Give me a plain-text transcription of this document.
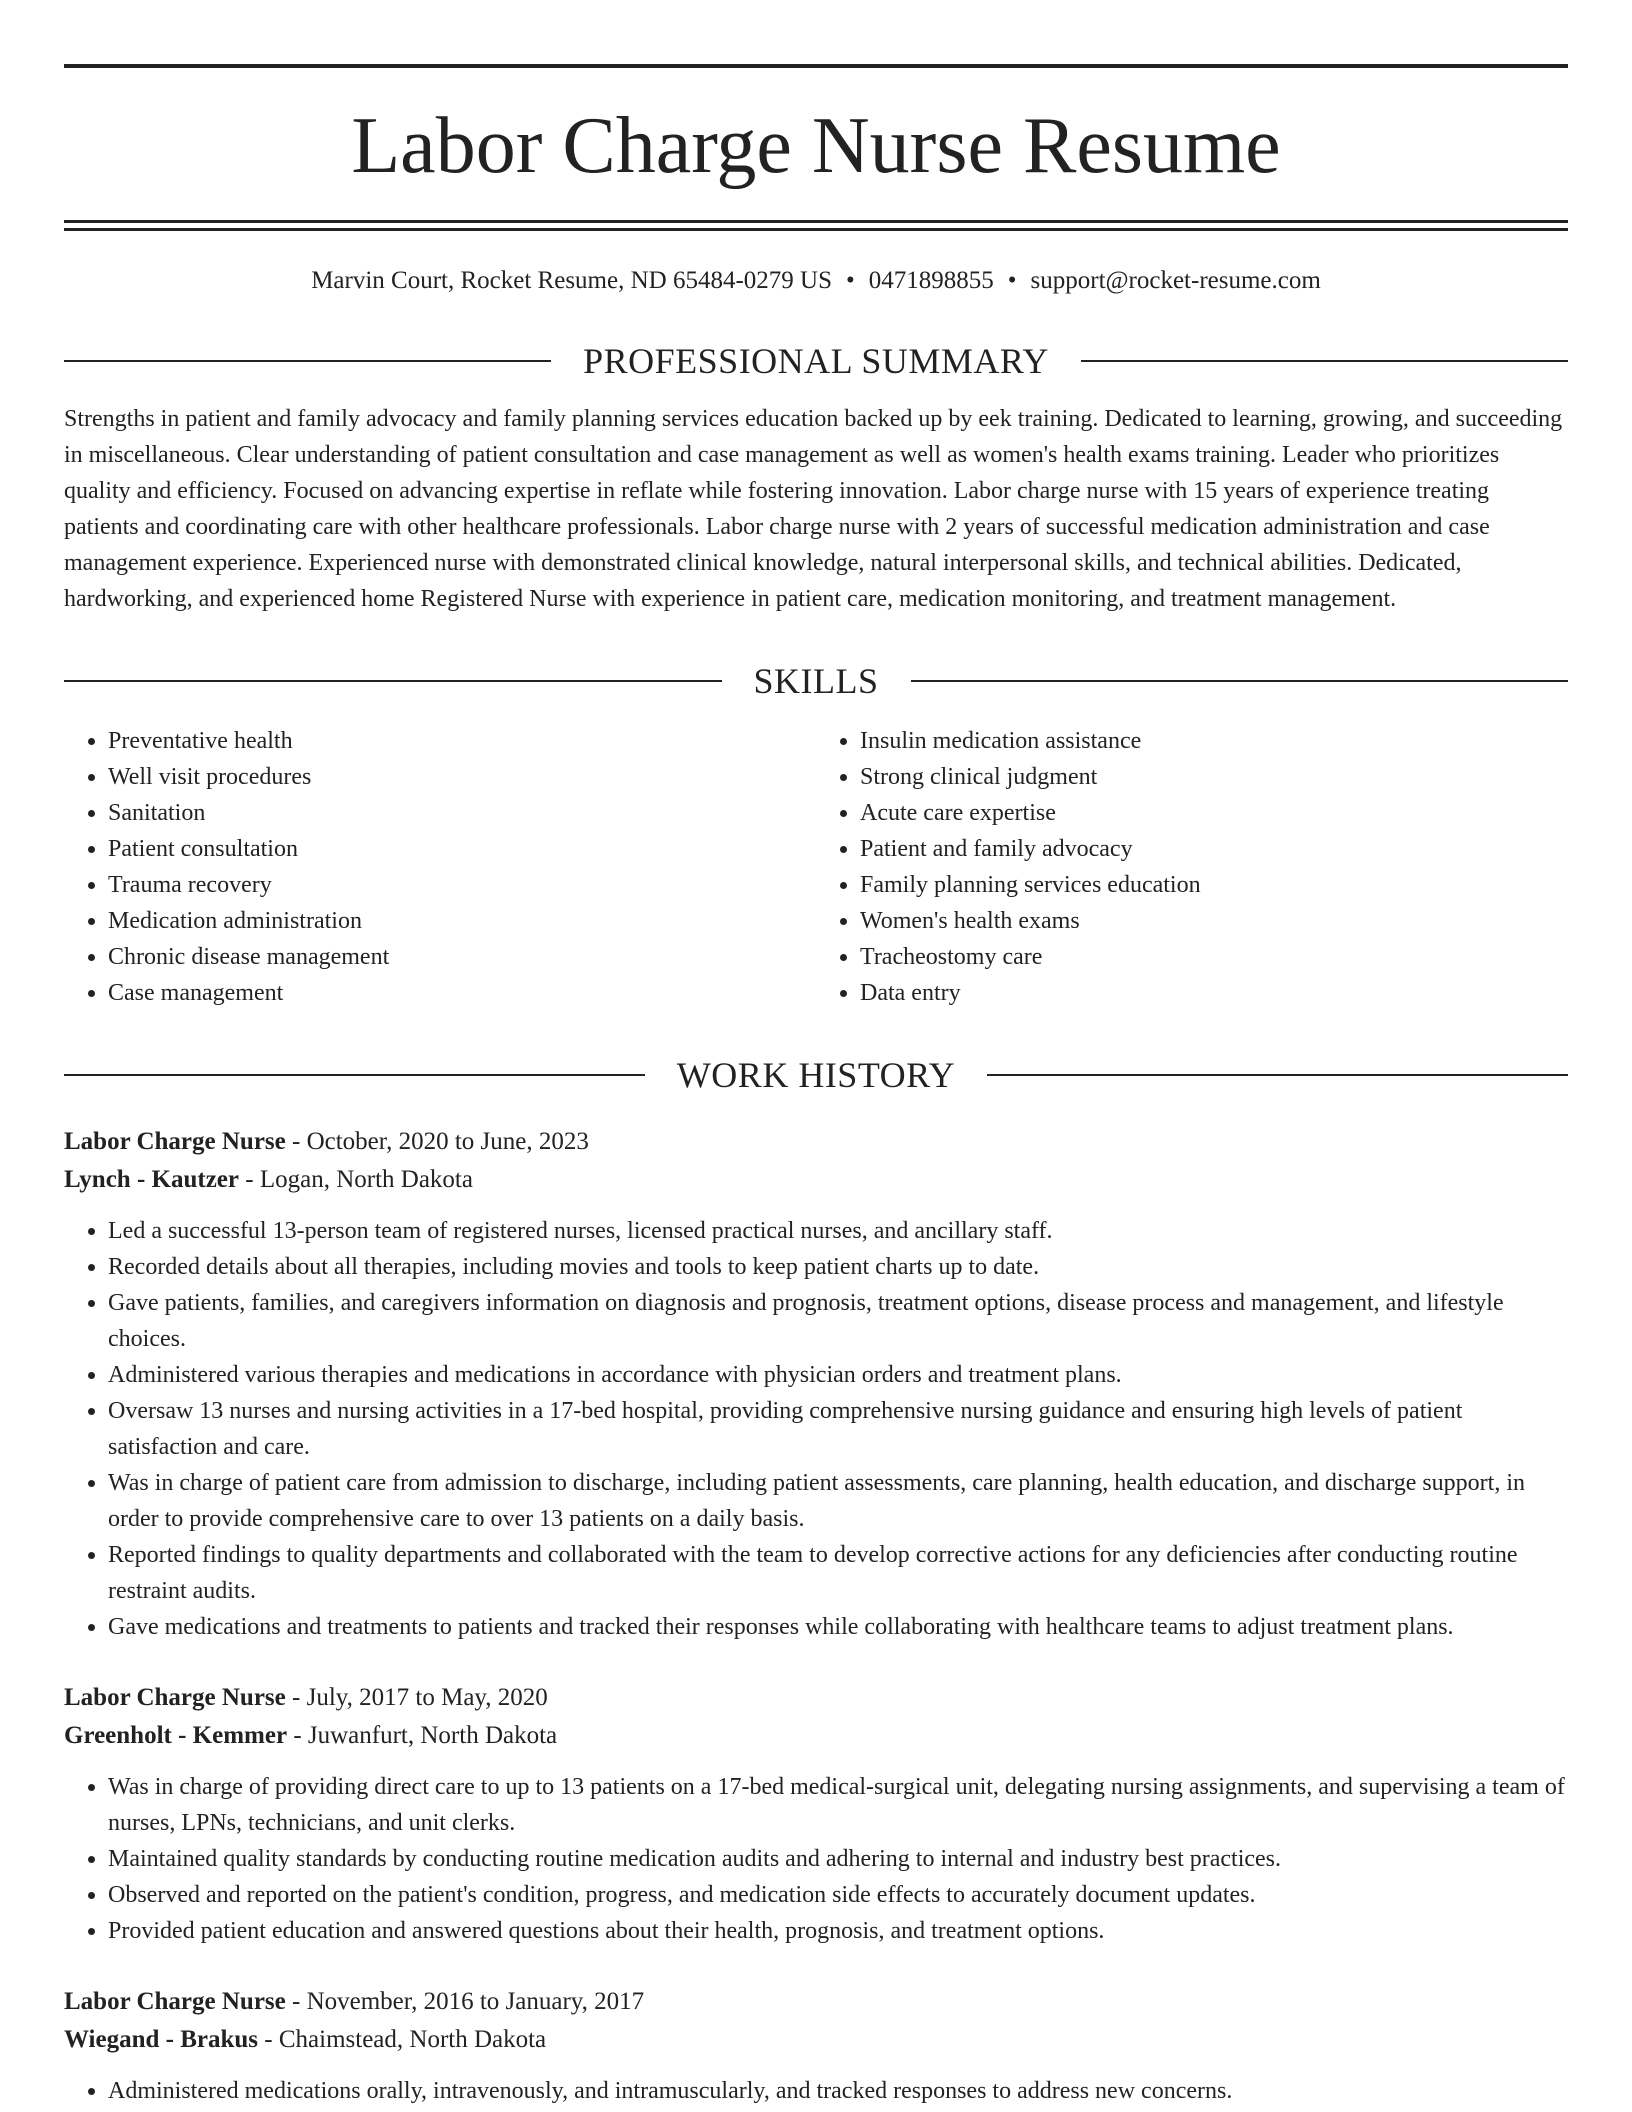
Labor Charge Nurse Resume
Marvin Court, Rocket Resume, ND 65484-0279 US • 0471898855 • support@rocket-resume.com
PROFESSIONAL SUMMARY

Strengths in patient and family advocacy and family planning services education backed up by eek training. Dedicated to learning, growing, and succeeding in miscellaneous. Clear understanding of patient consultation and case management as well as women's health exams training. Leader who prioritizes quality and efficiency. Focused on advancing expertise in reflate while fostering innovation. Labor charge nurse with 15 years of experience treating patients and coordinating care with other healthcare professionals. Labor charge nurse with 2 years of successful medication administration and case management experience. Experienced nurse with demonstrated clinical knowledge, natural interpersonal skills, and technical abilities. Dedicated, hardworking, and experienced home Registered Nurse with experience in patient care, medication monitoring, and treatment management.

SKILLS
• Preventative health
• Well visit procedures
• Sanitation
• Patient consultation
• Trauma recovery
• Medication administration
• Chronic disease management
• Case management
• Insulin medication assistance
• Strong clinical judgment
• Acute care expertise
• Patient and family advocacy
• Family planning services education
• Women's health exams
• Tracheostomy care
• Data entry
WORK HISTORY
Labor Charge Nurse - October, 2020 to June, 2023
Lynch - Kautzer - Logan, North Dakota
• Led a successful 13-person team of registered nurses, licensed practical nurses, and ancillary staff.
• Recorded details about all therapies, including movies and tools to keep patient charts up to date.
• Gave patients, families, and caregivers information on diagnosis and prognosis, treatment options, disease process and management, and lifestyle choices.
• Administered various therapies and medications in accordance with physician orders and treatment plans.
• Oversaw 13 nurses and nursing activities in a 17-bed hospital, providing comprehensive nursing guidance and ensuring high levels of patient satisfaction and care.
• Was in charge of patient care from admission to discharge, including patient assessments, care planning, health education, and discharge support, in order to provide comprehensive care to over 13 patients on a daily basis.
• Reported findings to quality departments and collaborated with the team to develop corrective actions for any deficiencies after conducting routine restraint audits.
• Gave medications and treatments to patients and tracked their responses while collaborating with healthcare teams to adjust treatment plans.
Labor Charge Nurse - July, 2017 to May, 2020
Greenholt - Kemmer - Juwanfurt, North Dakota
• Was in charge of providing direct care to up to 13 patients on a 17-bed medical-surgical unit, delegating nursing assignments, and supervising a team of nurses, LPNs, technicians, and unit clerks.
• Maintained quality standards by conducting routine medication audits and adhering to internal and industry best practices.
• Observed and reported on the patient's condition, progress, and medication side effects to accurately document updates.
• Provided patient education and answered questions about their health, prognosis, and treatment options.
Labor Charge Nurse - November, 2016 to January, 2017
Wiegand - Brakus - Chaimstead, North Dakota
• Administered medications orally, intravenously, and intramuscularly, and tracked responses to address new concerns.
